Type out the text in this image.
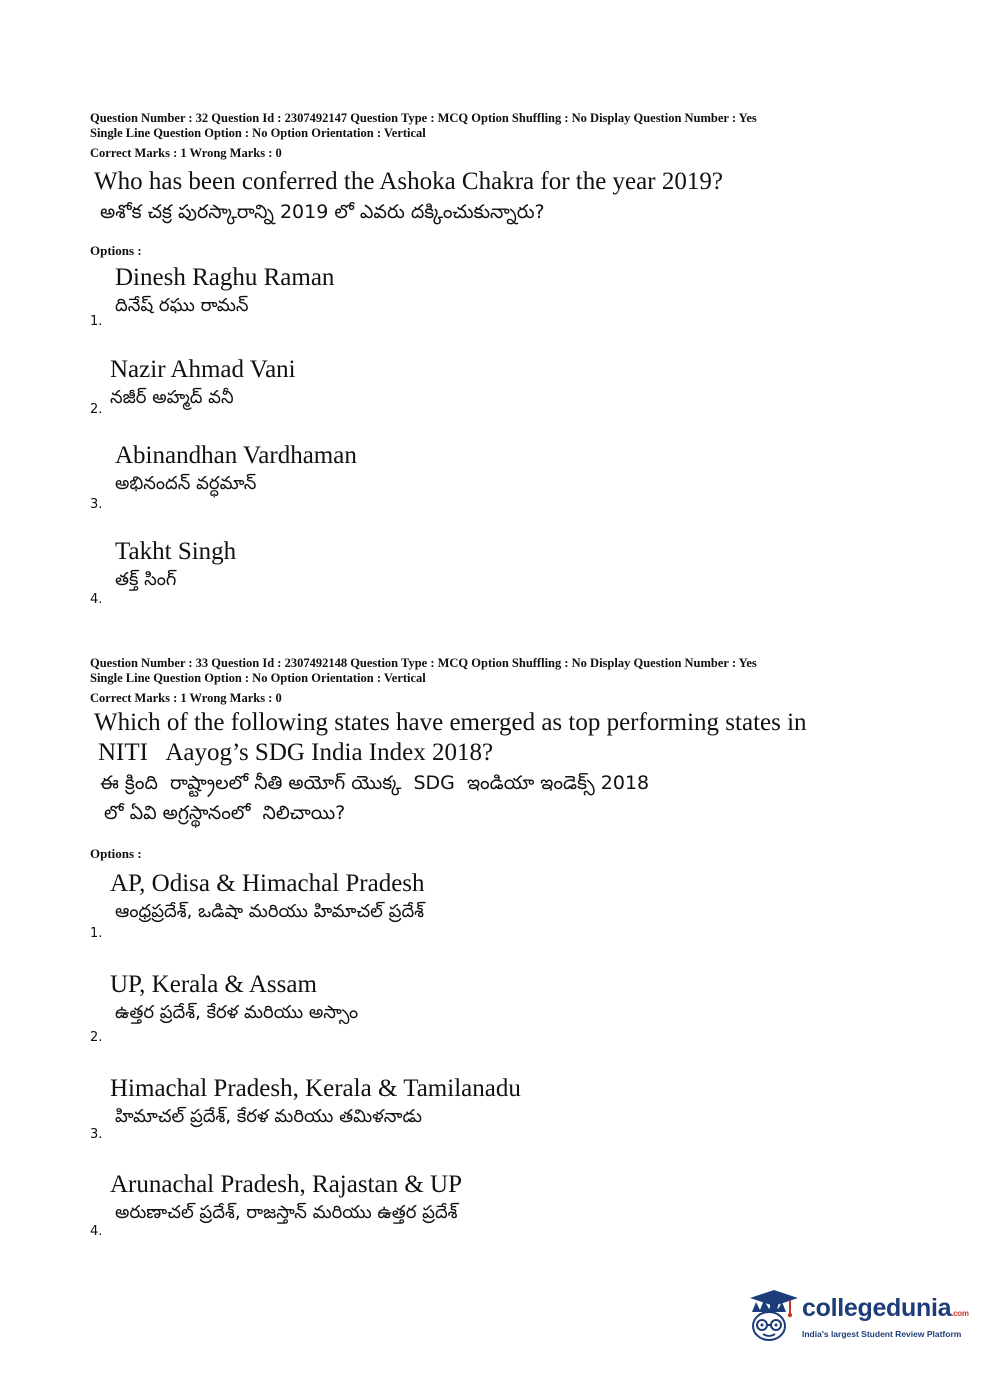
Question Number : 32 Question Id : 2307492147 Question Type : MCQ Option Shuffling : No Display Question Number : Yes
Single Line Question Option : No Option Orientation : Vertical
Correct Marks : 1 Wrong Marks : 0
Who has been conferred the Ashoka Chakra for the year 2019?
అశోక చక్ర పురస్కారాన్ని 2019 లో ఎవరు దక్కించుకున్నారు?
Options :
Dinesh Raghu Raman
దినేష్ రఘు రామన్
1.
Nazir Ahmad Vani
నజీర్ అహ్మద్ వనీ
2.
Abinandhan Vardhaman
అభినందన్ వర్ధమాన్
3.
Takht Singh
తక్త్ సింగ్
4.
Question Number : 33 Question Id : 2307492148 Question Type : MCQ Option Shuffling : No Display Question Number : Yes
Single Line Question Option : No Option Orientation : Vertical
Correct Marks : 1 Wrong Marks : 0
Which of the following states have emerged as top performing states in
NITI   Aayog’s SDG India Index 2018?
ఈ క్రింది  రాష్ట్రాలలో నీతి అయోగ్ యొక్క  SDG  ఇండియా ఇండెక్స్ 2018
లో ఏవి అగ్రస్థానంలో  నిలిచాయి?
Options :
AP, Odisa & Himachal Pradesh
ఆంధ్రప్రదేశ్, ఒడిషా మరియు హిమాచల్ ప్రదేశ్
1.
UP, Kerala & Assam
ఉత్తర ప్రదేశ్, కేరళ మరియు అస్సాం
2.
Himachal Pradesh, Kerala & Tamilanadu
హిమాచల్ ప్రదేశ్, కేరళ మరియు తమిళనాడు
3.
Arunachal Pradesh, Rajastan & UP
అరుణాచల్ ప్రదేశ్, రాజస్తాన్ మరియు ఉత్తర ప్రదేశ్
4.
collegedunia.com
India's largest Student Review Platform
